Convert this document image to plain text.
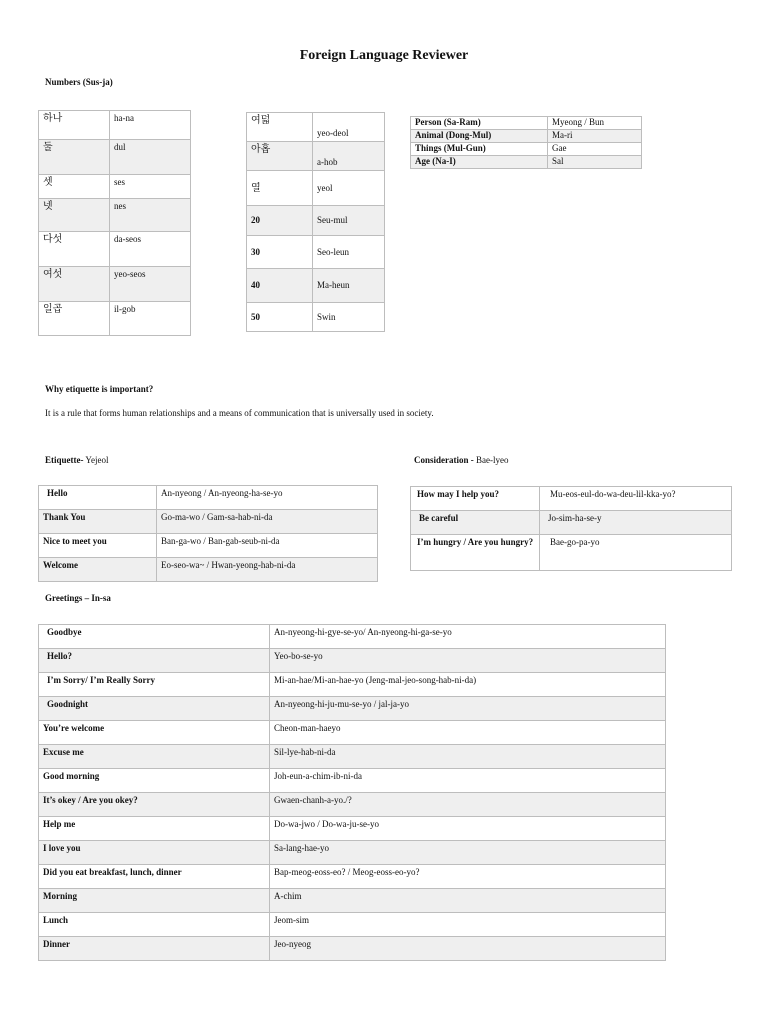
Foreign Language Reviewer
Numbers (Sus-ja)
하나	ha-na
둘	dul
셋	ses
넷	nes
다섯	da-seos
여섯	yeo-seos
일곱	il-gob
여덟	yeo-deol
아홉	a-hob
열	yeol
20	Seu-mul
30	Seo-leun
40	Ma-heun
50	Swin
Person (Sa-Ram)	Myeong / Bun
Animal (Dong-Mul)	Ma-ri
Things (Mul-Gun)	Gae
Age (Na-I)	Sal
Why etiquette is important?
It is a rule that forms human relationships and a means of communication that is universally used in society.
Etiquette- Yejeol	Consideration - Bae-lyeo
Hello	An-nyeong / An-nyeong-ha-se-yo
Thank You	Go-ma-wo / Gam-sa-hab-ni-da
Nice to meet you	Ban-ga-wo / Ban-gab-seub-ni-da
Welcome	Eo-seo-wa~ / Hwan-yeong-hab-ni-da
How may I help you?	Mu-eos-eul-do-wa-deu-lil-kka-yo?
Be careful	Jo-sim-ha-se-y
I’m hungry / Are you hungry?	Bae-go-pa-yo
Greetings – In-sa
Goodbye	An-nyeong-hi-gye-se-yo/ An-nyeong-hi-ga-se-yo
Hello?	Yeo-bo-se-yo
I’m Sorry/ I’m Really Sorry	Mi-an-hae/Mi-an-hae-yo (Jeng-mal-jeo-song-hab-ni-da)
Goodnight	An-nyeong-hi-ju-mu-se-yo / jal-ja-yo
You’re welcome	Cheon-man-haeyo
Excuse me	Sil-lye-hab-ni-da
Good morning	Joh-eun-a-chim-ib-ni-da
It’s okey / Are you okey?	Gwaen-chanh-a-yo./?
Help me	Do-wa-jwo / Do-wa-ju-se-yo
I love you	Sa-lang-hae-yo
Did you eat breakfast, lunch, dinner	Bap-meog-eoss-eo? / Meog-eoss-eo-yo?
Morning	A-chim
Lunch	Jeom-sim
Dinner	Jeo-nyeog
